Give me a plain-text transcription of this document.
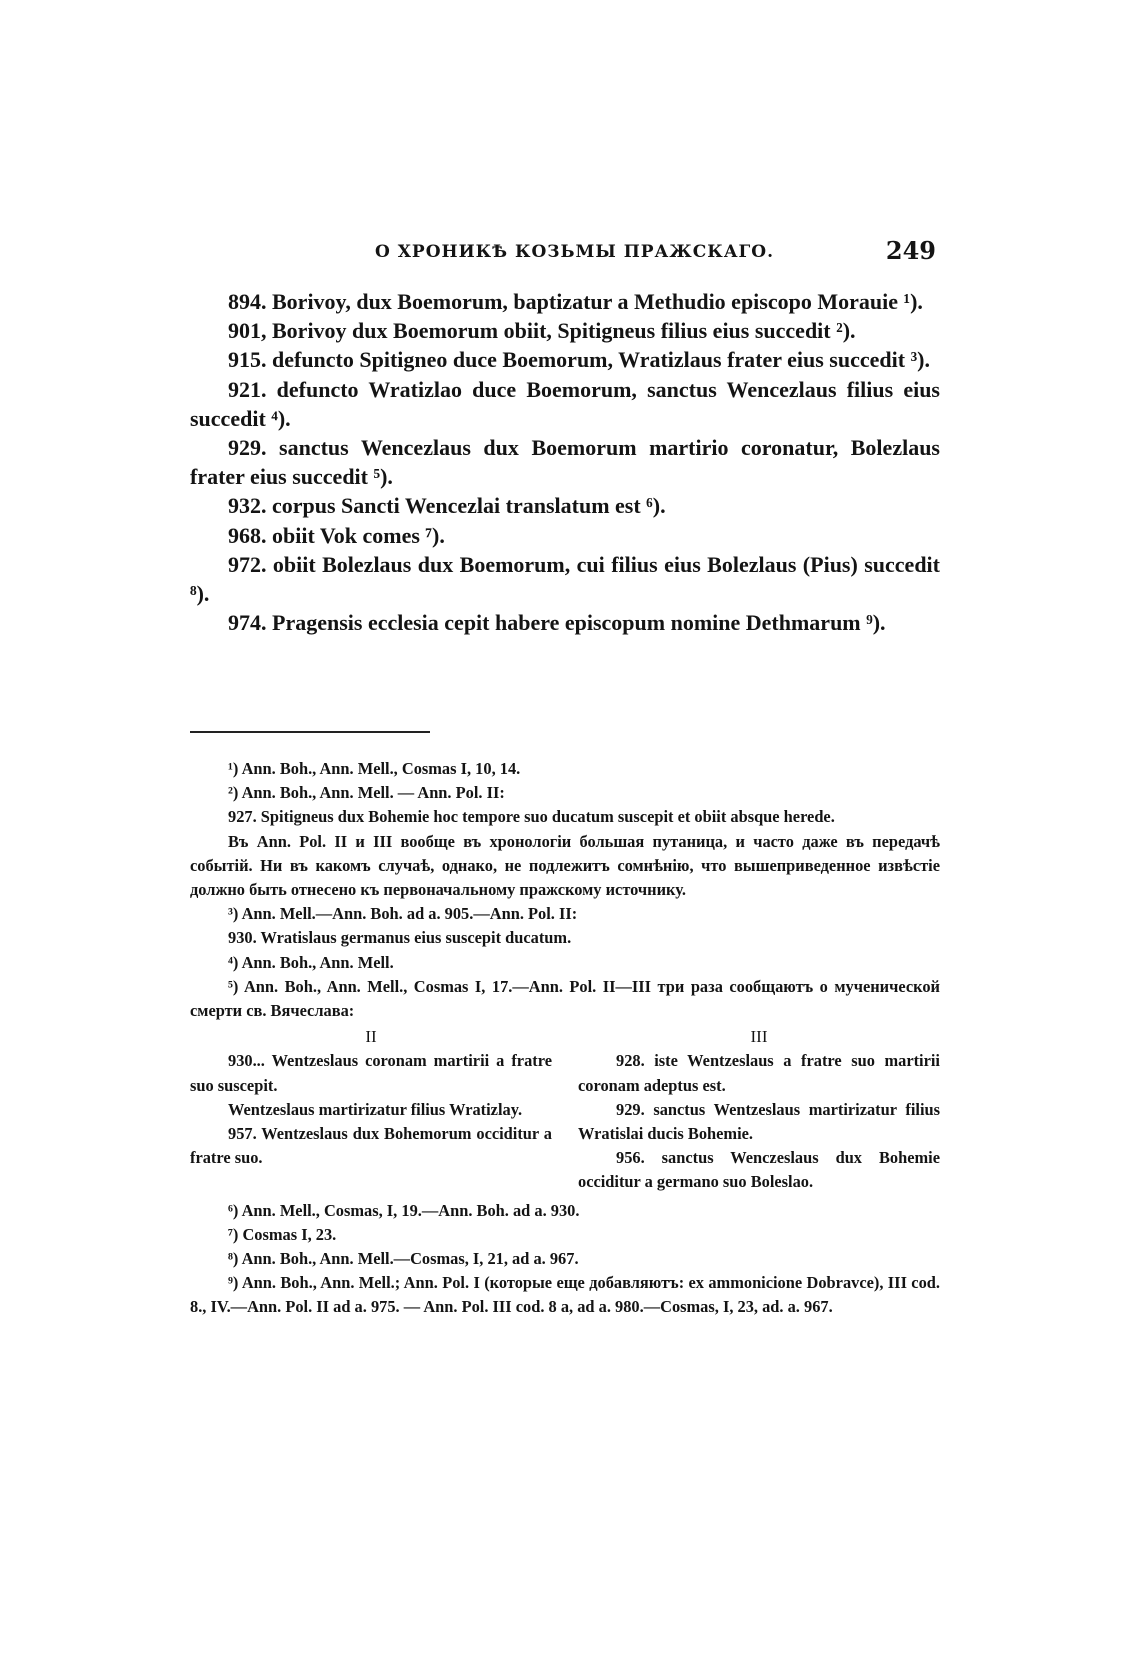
О ХРОНИКѢ КОЗЬМЫ ПРАЖСКАГО.	249

894. Borivoy, dux Boemorum, baptizatur a Methudio episcopo Morauie ¹).

901, Borivoy dux Boemorum obiit, Spitigneus filius eius succedit ²).

915. defuncto Spitigneo duce Boemorum, Wratizlaus frater eius succedit ³).

921. defuncto Wratizlao duce Boemorum, sanctus Wencezlaus filius eius succedit ⁴).

929. sanctus Wencezlaus dux Boemorum martirio coronatur, Bolezlaus frater eius succedit ⁵).

932. corpus Sancti Wencezlai translatum est ⁶).

968. obiit Vok comes ⁷).

972. obiit Bolezlaus dux Boemorum, cui filius eius Bolezlaus (Pius) succedit ⁸).

974. Pragensis ecclesia cepit habere episcopum nomine Dethmarum ⁹).

¹) Ann. Boh., Ann. Mell., Cosmas I, 10, 14.

²) Ann. Boh., Ann. Mell. — Ann. Pol. II:

927. Spitigneus dux Bohemie hoc tempore suo ducatum suscepit et obiit absque herede.

Въ Ann. Pol. II и III вообще въ хронологіи большая путаница, и часто даже въ передачѣ событій. Ни въ какомъ случаѣ, однако, не подлежитъ сомнѣнію, что вышеприведенное извѣстіе должно быть отнесено къ первоначальному пражскому источнику.

³) Ann. Mell.—Ann. Boh. ad a. 905.—Ann. Pol. II:

930. Wratislaus germanus eius suscepit ducatum.

⁴) Ann. Boh., Ann. Mell.

⁵) Ann. Boh., Ann. Mell., Cosmas I, 17.—Ann. Pol. II—III три раза сообщаютъ о мученической смерти св. Вячеслава:

II

930... Wentzeslaus coronam martirii a fratre suo suscepit.

Wentzeslaus martirizatur filius Wratizlay.

957. Wentzeslaus dux Bohemorum occiditur a fratre suo.

III

928. iste Wentzeslaus a fratre suo martirii coronam adeptus est.

929. sanctus Wentzeslaus martirizatur filius Wratislai ducis Bohemie.

956. sanctus Wenczeslaus dux Bohemie occiditur a germano suo Boleslao.

⁶) Ann. Mell., Cosmas, I, 19.—Ann. Boh. ad a. 930.

⁷) Cosmas I, 23.

⁸) Ann. Boh., Ann. Mell.—Cosmas, I, 21, ad a. 967.

⁹) Ann. Boh., Ann. Mell.; Ann. Pol. I (которые еще добавляютъ: ex ammonicione Dobravce), III cod. 8., IV.—Ann. Pol. II ad a. 975. — Ann. Pol. III cod. 8 a, ad a. 980.—Cosmas, I, 23, ad. a. 967.
